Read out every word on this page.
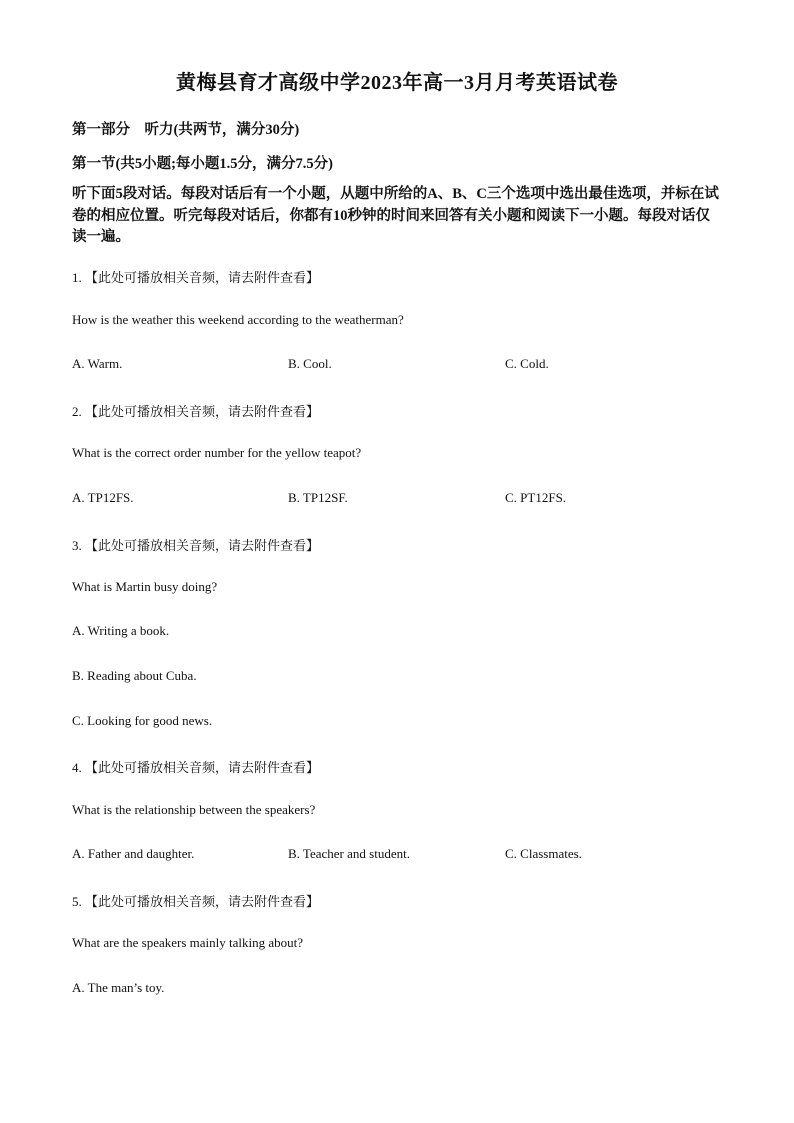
黄梅县育才高级中学2023年高一3月月考英语试卷
第一部分　听力(共两节，满分30分)
第一节(共5小题;每小题1.5分，满分7.5分)
听下面5段对话。每段对话后有一个小题，从题中所给的A、B、C三个选项中选出最佳选项，并标在试卷的相应位置。听完每段对话后，你都有10秒钟的时间来回答有关小题和阅读下一小题。每段对话仅读一遍。
1. 【此处可播放相关音频，请去附件查看】
How is the weather this weekend according to the weatherman?
A. Warm.	B. Cool.	C. Cold.
2. 【此处可播放相关音频，请去附件查看】
What is the correct order number for the yellow teapot?
A. TP12FS.	B. TP12SF.	C. PT12FS.
3. 【此处可播放相关音频，请去附件查看】
What is Martin busy doing?
A. Writing a book.
B. Reading about Cuba.
C. Looking for good news.
4. 【此处可播放相关音频，请去附件查看】
What is the relationship between the speakers?
A. Father and daughter.	B. Teacher and student.	C. Classmates.
5. 【此处可播放相关音频，请去附件查看】
What are the speakers mainly talking about?
A. The man’s toy.
